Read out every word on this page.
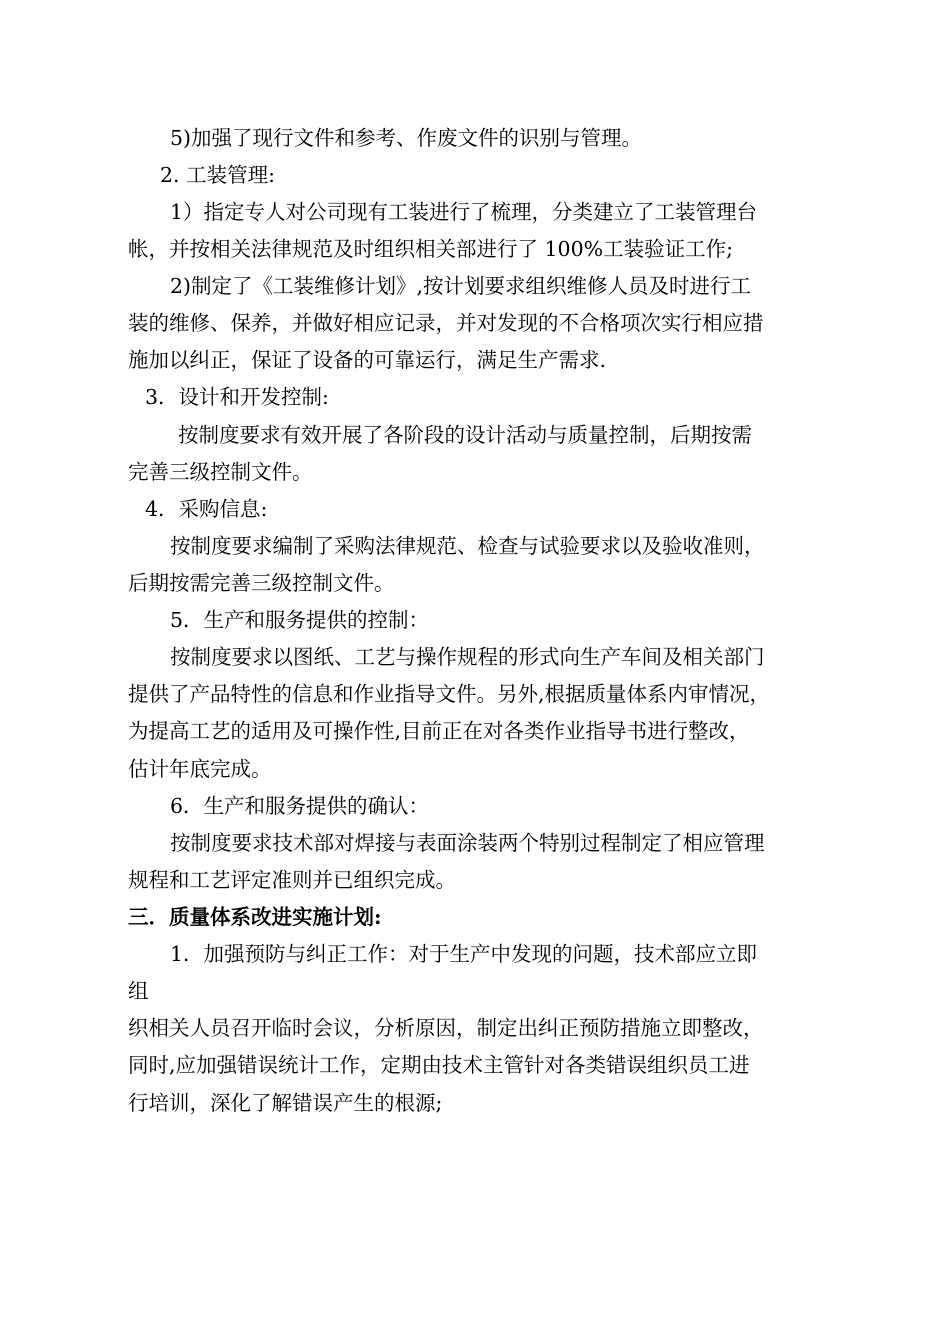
5)加强了现行文件和参考、作废文件的识别与管理。
2. 工装管理:
1）指定专人对公司现有工装进行了梳理，分类建立了工装管理台
帐，并按相关法律规范及时组织相关部进行了 100%工装验证工作;
2)制定了《工装维修计划》,按计划要求组织维修人员及时进行工
装的维修、保养，并做好相应记录，并对发现的不合格项次实行相应措
施加以纠正，保证了设备的可靠运行，满足生产需求.
3．设计和开发控制:
按制度要求有效开展了各阶段的设计活动与质量控制，后期按需
完善三级控制文件。
4．采购信息:
按制度要求编制了采购法律规范、检查与试验要求以及验收准则，
后期按需完善三级控制文件。
5．生产和服务提供的控制：
按制度要求以图纸、工艺与操作规程的形式向生产车间及相关部门
提供了产品特性的信息和作业指导文件。另外,根据质量体系内审情况，
为提高工艺的适用及可操作性,目前正在对各类作业指导书进行整改，
估计年底完成。
6．生产和服务提供的确认：
按制度要求技术部对焊接与表面涂装两个特别过程制定了相应管理
规程和工艺评定准则并已组织完成。
三．质量体系改进实施计划:
1．加强预防与纠正工作：对于生产中发现的问题，技术部应立即
组
织相关人员召开临时会议，分析原因，制定出纠正预防措施立即整改，
同时,应加强错误统计工作，定期由技术主管针对各类错误组织员工进
行培训，深化了解错误产生的根源;
